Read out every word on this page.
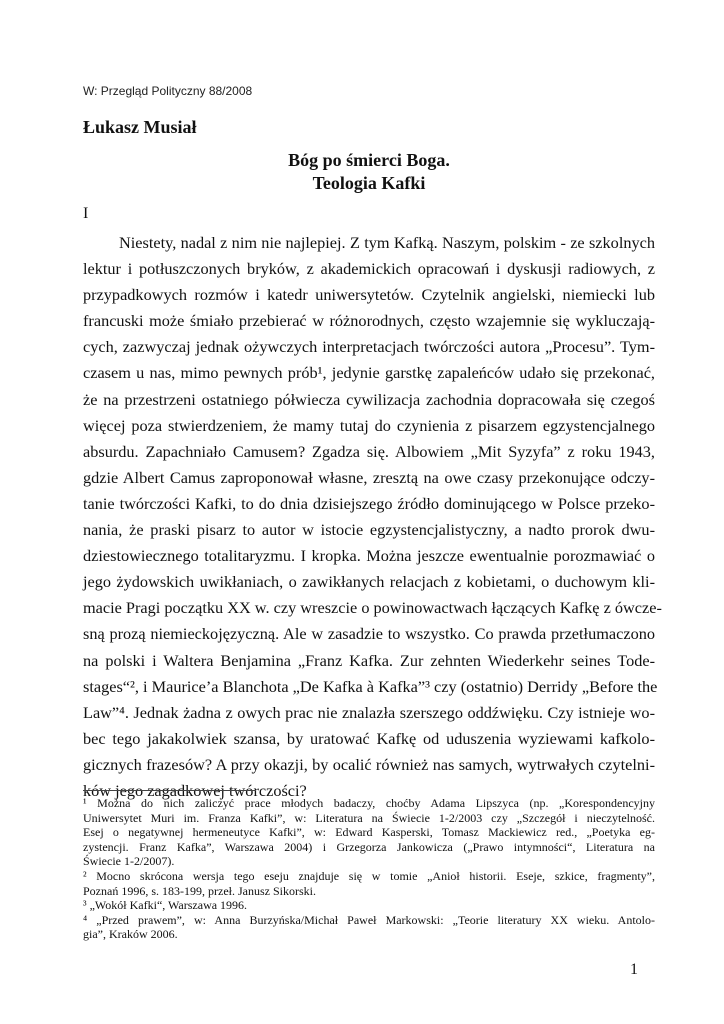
W: Przegląd Polityczny 88/2008
Łukasz Musiał
Bóg po śmierci Boga.
Teologia Kafki
I
Niestety, nadal z nim nie najlepiej. Z tym Kafką. Naszym, polskim - ze szkolnych
lektur i potłuszczonych bryków, z akademickich opracowań i dyskusji radiowych, z
przypadkowych rozmów i katedr uniwersytetów. Czytelnik angielski, niemiecki lub
francuski może śmiało przebierać w różnorodnych, często wzajemnie się wykluczają-
cych, zazwyczaj jednak ożywczych interpretacjach twórczości autora „Procesu”. Tym-
czasem u nas, mimo pewnych prób¹, jedynie garstkę zapaleńców udało się przekonać,
że na przestrzeni ostatniego półwiecza cywilizacja zachodnia dopracowała się czegoś
więcej poza stwierdzeniem, że mamy tutaj do czynienia z pisarzem egzystencjalnego
absurdu. Zapachniało Camusem? Zgadza się. Albowiem „Mit Syzyfa” z roku 1943,
gdzie Albert Camus zaproponował własne, zresztą na owe czasy przekonujące odczy-
tanie twórczości Kafki, to do dnia dzisiejszego źródło dominującego w Polsce przeko-
nania, że praski pisarz to autor w istocie egzystencjalistyczny, a nadto prorok dwu-
dziestowiecznego totalitaryzmu. I kropka. Można jeszcze ewentualnie porozmawiać o
jego żydowskich uwikłaniach, o zawikłanych relacjach z kobietami, o duchowym kli-
macie Pragi początku XX w. czy wreszcie o powinowactwach łączących Kafkę z ówcze-
sną prozą niemieckojęzyczną. Ale w zasadzie to wszystko. Co prawda przetłumaczono
na polski i Waltera Benjamina „Franz Kafka. Zur zehnten Wiederkehr seines Tode-
stages“², i Maurice’a Blanchota „De Kafka à Kafka”³ czy (ostatnio) Derridy „Before the
Law”⁴. Jednak żadna z owych prac nie znalazła szerszego oddźwięku. Czy istnieje wo-
bec tego jakakolwiek szansa, by uratować Kafkę od uduszenia wyziewami kafkolo-
gicznych frazesów? A przy okazji, by ocalić również nas samych, wytrwałych czytelni-
ków jego zagadkowej twórczości?
¹ Można do nich zaliczyć prace młodych badaczy, choćby Adama Lipszyca (np. „Korespondencyjny
Uniwersytet Muri im. Franza Kafki”, w: Literatura na Świecie 1-2/2003 czy „Szczegół i nieczytelność.
Esej o negatywnej hermeneutyce Kafki”, w: Edward Kasperski, Tomasz Mackiewicz red., „Poetyka eg-
zystencji. Franz Kafka”, Warszawa 2004) i Grzegorza Jankowicza („Prawo intymności“, Literatura na
Świecie 1-2/2007).
² Mocno skrócona wersja tego eseju znajduje się w tomie „Anioł historii. Eseje, szkice, fragmenty”,
Poznań 1996, s. 183-199, przeł. Janusz Sikorski.
³ „Wokół Kafki“, Warszawa 1996.
⁴ „Przed prawem”, w: Anna Burzyńska/Michał Paweł Markowski: „Teorie literatury XX wieku. Antolo-
gia”, Kraków 2006.
1
